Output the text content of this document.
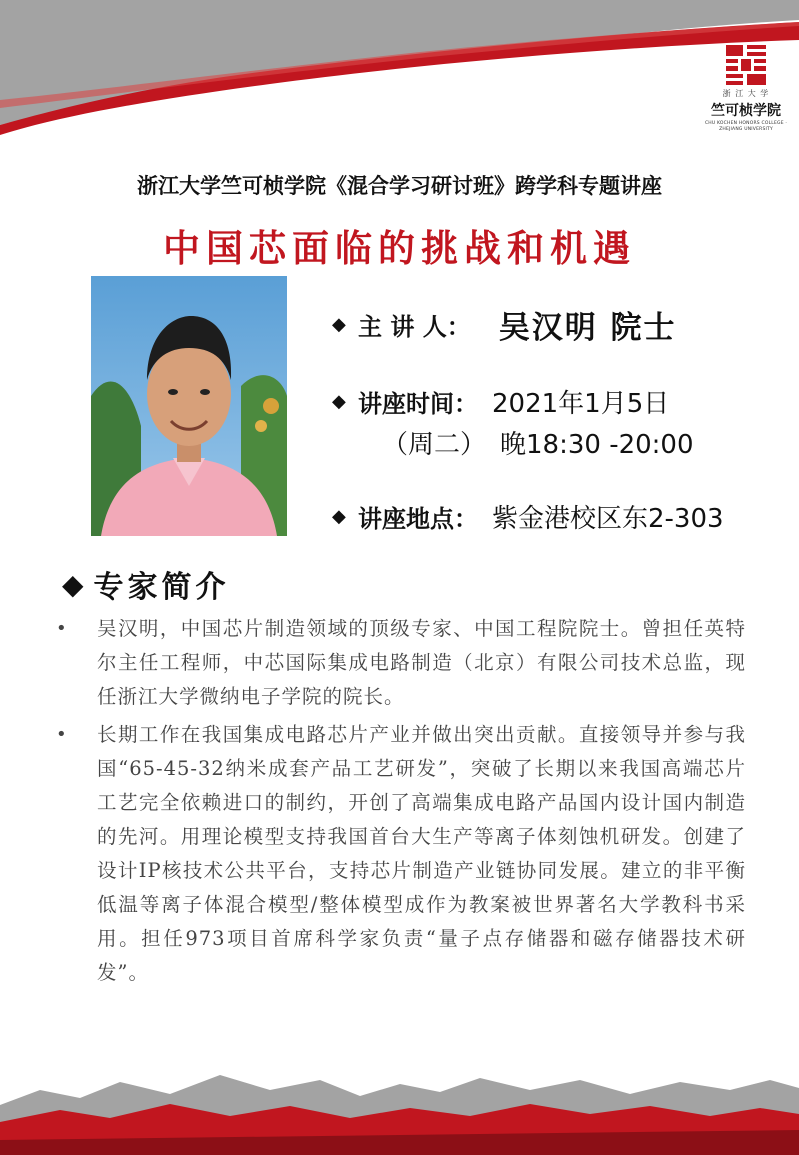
浙 江 大 学
竺可桢学院
CHU KOCHEN HONORS COLLEGE · ZHEJIANG UNIVERSITY
浙江大学竺可桢学院《混合学习研讨班》跨学科专题讲座
中国芯面临的挑战和机遇
◆ 主 讲 人： 吴汉明 院士
◆ 讲座时间： 2021年1月5日
（周二） 晚18:30 -20:00
◆ 讲座地点： 紫金港校区东2-303
◆ 专家简介
• 吴汉明，中国芯片制造领域的顶级专家、中国工程院院士。曾担任英特尔主任工程师，中芯国际集成电路制造（北京）有限公司技术总监，现任浙江大学微纳电子学院的院长。
• 长期工作在我国集成电路芯片产业并做出突出贡献。直接领导并参与我国“65-45-32纳米成套产品工艺研发”，突破了长期以来我国高端芯片工艺完全依赖进口的制约，开创了高端集成电路产品国内设计国内制造的先河。用理论模型支持我国首台大生产等离子体刻蚀机研发。创建了设计IP核技术公共平台，支持芯片制造产业链协同发展。建立的非平衡低温等离子体混合模型/整体模型成作为教案被世界著名大学教科书采用。担任973项目首席科学家负责“量子点存储器和磁存储器技术研发”。
